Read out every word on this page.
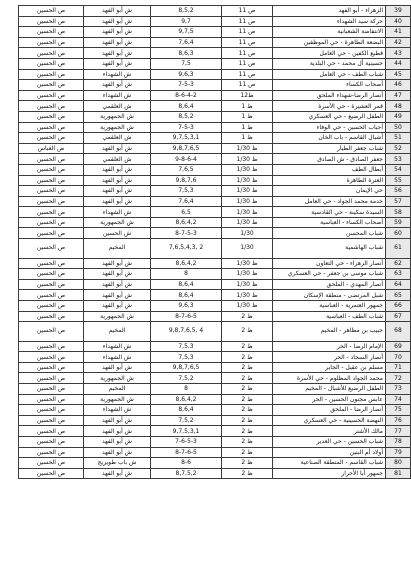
ص الحسين	ش أبو الفهد	8,5,2	11 ص	الزهراء - أبو الفهد	39
ص الحسين	ش أبو الفهد	9,7	11 ص	حركة سيد الشهداء	40
ص الحسين	ش أبو الفهد	9,7,5	11 ص	الانتفاضة الشعبانية	41
ص الحسين	ش أبو الفهد	7,6,4	11 ص	البضعة الطاهرة - حي الموظفين	42
ص الحسين	ش أبو الفهد	8,6,3	11 ص	قطيع الكفين - حي العامل	43
ص الحسين	ش أبو الفهد	7,5	11 ص	حسينية أل محمد - حي البلدية	44
ص الحسين	ش الشهداء	9,6,3	11 ص	شباب الطف - حي العامل	45
ص الحسين	ش أبو الفهد	7-5-3	11 ص	أصحاب الكساء	46
ص الحسين	ش الشهداء	8-6-4-2	12ظ	أنصار الرضا-شهداء الملحق	47
ص الحسين	ش العلقمي	8,6,4	1 ظ	قمر العشيرة - حي الأسرة	48
ص الحسين	ش الجمهورية	8,5,2	1 ظ	الطفل الرضيع - حي العسكري	49
ص الحسين	ش الجمهورية	7-5-3	1 ظ	أحباب الحسين - حي الوفاء	50
ص الحسين	ش العلقمي	9,7,5,3,1	1 ظ	أشبال القاسم - باب الخان	51
ص العباس	ش أبو الفهد	9,8,7,6,5	1/30 ظ	شباب جعفر الطيار	52
ص الحسين	ش العلقمي	9-8-6-4	1/30 ظ	جعفر الصادق - ش الصادق	53
ص الحسين	ش أبو الفهد	7,6,5	1/30 ظ	أبطال الطف	54
ص الحسين	ش أبو الفهد	9,8,7,6	1/30 ظ	العترة الطاهرة	55
ص الحسين	ش أبو الفهد	7,5,3	1/30 ظ	حي الإيمان	56
ص الحسين	ش أبو الفهد	7,6,4	1/30 ظ	خدمة محمد الجواد - حي العامل	57
ص الحسين	ش الشهداء	6,5	1/30 ظ	السيدة سكينة - حي القادسية	58
ص الحسين	ش الجمهورية	8,6,4,2	1/30 ظ	أصحاب الكساء - العباسية	59
ص الحسين	ش الحسين	8-7-5-3	1/30	شباب المحسن	60
ص الحسين	المخيم	7,6,5,4,3, 2	1/30	شباب الهاشمية	61
ص الحسين	ش أبو الفهد	8,6,4,2	1/30 ظ	أنصار الزهراء - حي التعاون	62
ص الحسين	ش أبو الفهد	8	1/30 ظ	شباب موسى بن جعفر - حي العسكري	63
ص الحسين	ش أبو الفهد	8,6,4	1/30 ظ	أنصار المهدي - الملحق	64
ص الحسين	ش أبو الفهد	8,6,4	1/30 ظ	شبل المرتضى - منطقة الإسكان	65
ص الحسين	ش أبو الفهد	9,6,3	1/30 ظ	جمهور العتمرية - العباسية	66
ص الحسين	ش الجمهورية	8-7-6-5	2 ظ	شباب الطف - العباسية	67
ص الحسين	المخيم	9,8,7,6,5, 4	2 ظ	حبيب بن مظاهر - المخيم	68
ص الحسين	ش الشهداء	7,5,3	2 ظ	الإمام الرضا - الحر	69
ص الحسين	ش الشهداء	7,5,3	2 ظ	أنصار السجاد - الحر	70
ص الحسين	ش أبو الفهد	9,8,7,6,5	2 ظ	مسلم بن عقيل - الجاير	71
ص الحسين	ش الجمهورية	7,5,2	2 ظ	محمد الجواد المظلوم - حي الأسرة	72
ص الحسين	المخيم	8	2 ظ	الطفل الرضيع للأشبال - المخيم	73
ص الحسين	ش الجمهورية	8,6,4,2	2 ظ	عابس مجنون الحسين - الحر	74
ص الحسين	ش الشهداء	8,6,4	2 ظ	أنصار الرضا - الملحق	75
ص الحسين	ش أبو الفهد	7,5,2	2 ظ	النهضة الحسينية - حي العسكري	76
ص الحسين	ش أبو الفهد	9,7,5,3,1	2 ظ	مالك الأشتر	77
ص الحسين	ش أبو الفهد	7-6-5-3	2 ظ	شباب الحسين - حي الغدير	78
ص الحسين	ش أبو الفهد	8-7-6-5	2 ظ	أولاد أم البنين	79
ص الحسين	ش باب طويريج	8-6	2 ظ	شباب القاسم - المنطقة الصناعية	80
ص الحسين	ش أبو الفهد	8,7,5,2	2 ظ	جمهور أبا الأحرار	81
